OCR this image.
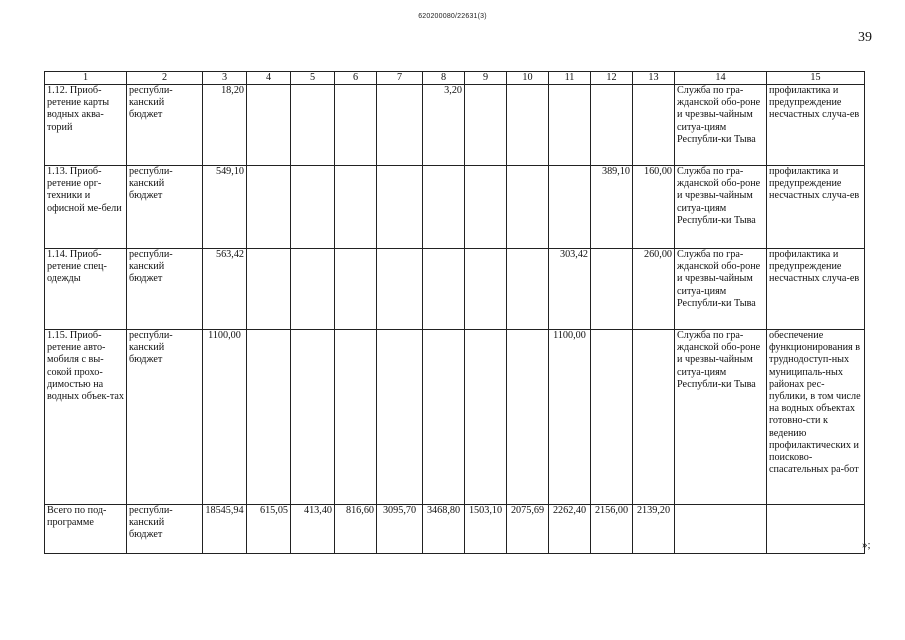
620200080/22631(3)
39
1	2	3	4	5	6	7	8	9	10	11	12	13	14	15
1.12. Приоб-ретение карты водных аква-торий	республи-канский бюджет	18,20					3,20						Служба по гра-жданской обо-роне и чрезвы-чайным ситуа-циям Республи-ки Тыва	профилактика и предупреждение несчастных случа-ев
1.13. Приоб-ретение орг-техники и офисной ме-бели	республи-канский бюджет	549,10									389,10	160,00	Служба по гра-жданской обо-роне и чрезвы-чайным ситуа-циям Республи-ки Тыва	профилактика и предупреждение несчастных случа-ев
1.14. Приоб-ретение спец-одежды	республи-канский бюджет	563,42								303,42		260,00	Служба по гра-жданской обо-роне и чрезвы-чайным ситуа-циям Республи-ки Тыва	профилактика и предупреждение несчастных случа-ев
1.15. Приоб-ретение авто-мобиля с вы-сокой прохо-димостью на водных объек-тах	республи-канский бюджет	1100,00								1100,00			Служба по гра-жданской обо-роне и чрезвы-чайным ситуа-циям Республи-ки Тыва	обеспечение функционирования в труднодоступ-ных муниципаль-ных районах рес-публики, в том числе на водных объектах готовно-сти к ведению профилактических и поисково-спасательных ра-бот
Всего по под-программе	республи-канский бюджет	18545,94	615,05	413,40	816,60	3095,70	3468,80	1503,10	2075,69	2262,40	2156,00	2139,20		
»;
